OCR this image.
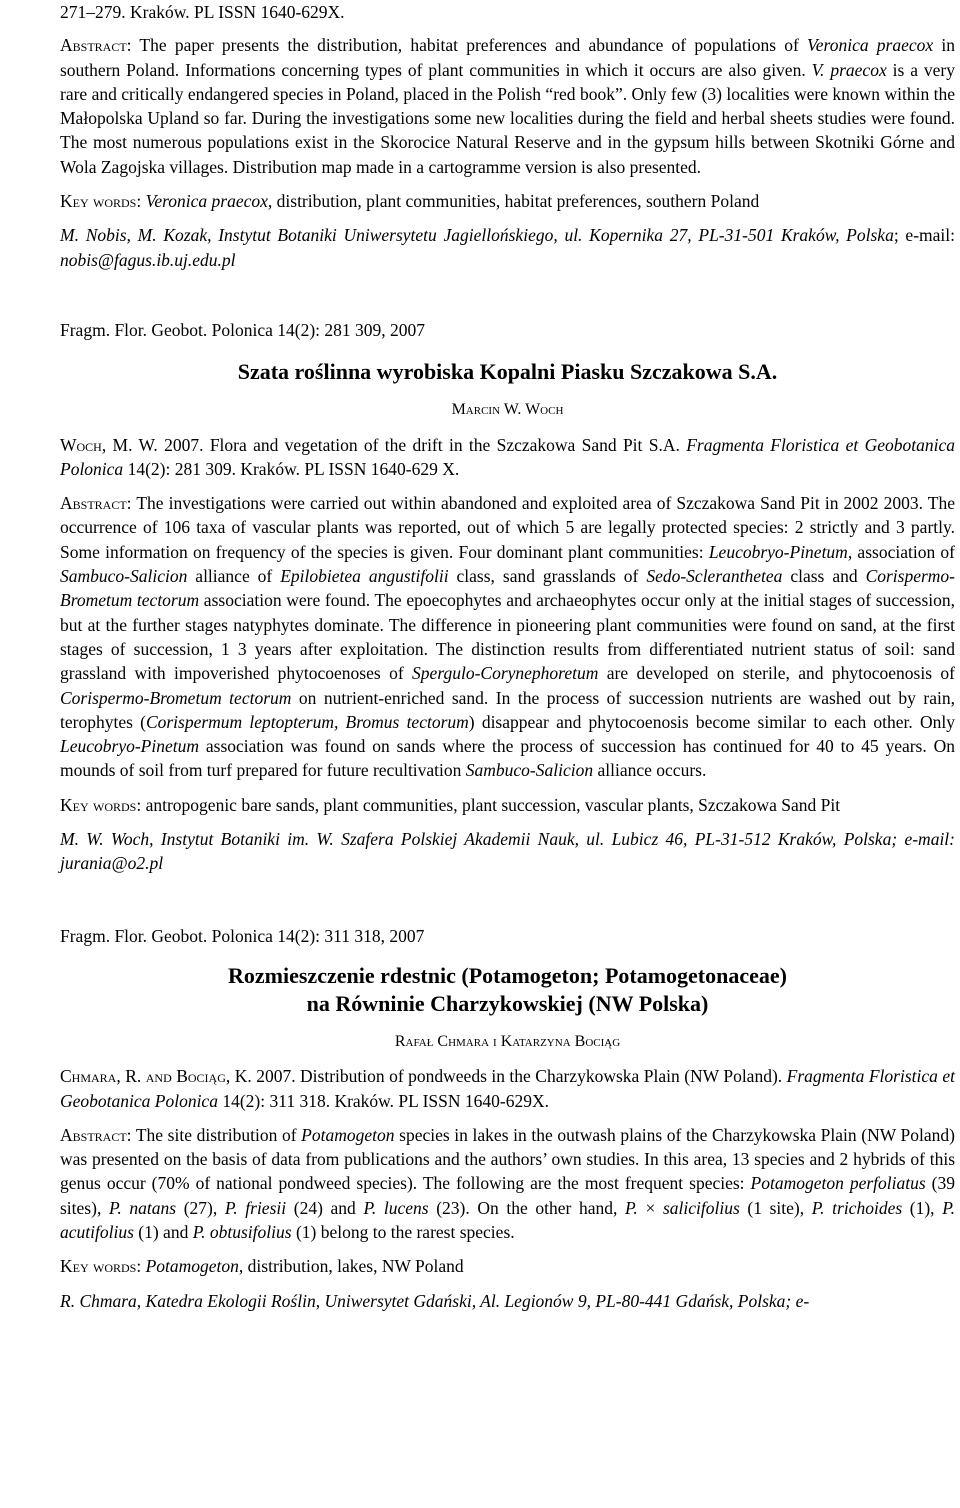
271–279. Kraków. PL ISSN 1640-629X.

Abstract: The paper presents the distribution, habitat preferences and abundance of populations of Veronica praecox in southern Poland. Informations concerning types of plant communities in which it occurs are also given. V. praecox is a very rare and critically endangered species in Poland, placed in the Polish “red book”. Only few (3) localities were known within the Małopolska Upland so far. During the investigations some new localities during the field and herbal sheets studies were found. The most numerous populations exist in the Skorocice Natural Reserve and in the gypsum hills between Skotniki Górne and Wola Zagojska villages. Distribution map made in a cartogramme version is also presented.

Key words: Veronica praecox, distribution, plant communities, habitat preferences, southern Poland

M. Nobis, M. Kozak, Instytut Botaniki Uniwersytetu Jagiellońskiego, ul. Kopernika 27, PL-31-501 Kraków, Polska; e-mail: nobis@fagus.ib.uj.edu.pl

Fragm. Flor. Geobot. Polonica 14(2): 281 309, 2007

Szata roślinna wyrobiska Kopalni Piasku Szczakowa S.A.

Marcin W. Woch

Woch, M. W. 2007. Flora and vegetation of the drift in the Szczakowa Sand Pit S.A. Fragmenta Floristica et Geobotanica Polonica 14(2): 281 309. Kraków. PL ISSN 1640-629 X.

Abstract: The investigations were carried out within abandoned and exploited area of Szczakowa Sand Pit in 2002 2003. The occurrence of 106 taxa of vascular plants was reported, out of which 5 are legally protected species: 2 strictly and 3 partly. Some information on frequency of the species is given. Four dominant plant communities: Leucobryo-Pinetum, association of Sambuco-Salicion alliance of Epilobietea angustifolii class, sand grasslands of Sedo-Scleranthetea class and Corispermo-Brometum tectorum association were found. The epoecophytes and archaeophytes occur only at the initial stages of succession, but at the further stages natyphytes dominate. The difference in pioneering plant communities were found on sand, at the first stages of succession, 1 3 years after exploitation. The distinction results from differentiated nutrient status of soil: sand grassland with impoverished phytocoenoses of Spergulo-Corynephoretum are developed on sterile, and phytocoenosis of Corispermo-Brometum tectorum on nutrient-enriched sand. In the process of succession nutrients are washed out by rain, terophytes (Corispermum leptopterum, Bromus tectorum) disappear and phytocoenosis become similar to each other. Only Leucobryo-Pinetum association was found on sands where the process of succession has continued for 40 to 45 years. On mounds of soil from turf prepared for future recultivation Sambuco-Salicion alliance occurs.

Key words: antropogenic bare sands, plant communities, plant succession, vascular plants, Szczakowa Sand Pit

M. W. Woch, Instytut Botaniki im. W. Szafera Polskiej Akademii Nauk, ul. Lubicz 46, PL-31-512 Kraków, Polska; e-mail: jurania@o2.pl

Fragm. Flor. Geobot. Polonica 14(2): 311 318, 2007

Rozmieszczenie rdestnic (Potamogeton; Potamogetonaceae)

na Równinie Charzykowskiej (NW Polska)

Rafał Chmara i Katarzyna Bociąg

Chmara, R. and Bociąg, K. 2007. Distribution of pondweeds in the Charzykowska Plain (NW Poland). Fragmenta Floristica et Geobotanica Polonica 14(2): 311 318. Kraków. PL ISSN 1640-629X.

Abstract: The site distribution of Potamogeton species in lakes in the outwash plains of the Charzykowska Plain (NW Poland) was presented on the basis of data from publications and the authors’ own studies. In this area, 13 species and 2 hybrids of this genus occur (70% of national pondweed species). The following are the most frequent species: Potamogeton perfoliatus (39 sites), P. natans (27), P. friesii (24) and P. lucens (23). On the other hand, P. × salicifolius (1 site), P. trichoides (1), P. acutifolius (1) and P. obtusifolius (1) belong to the rarest species.

Key words: Potamogeton, distribution, lakes, NW Poland

R. Chmara, Katedra Ekologii Roślin, Uniwersytet Gdański, Al. Legionów 9, PL-80-441 Gdańsk, Polska; e-
